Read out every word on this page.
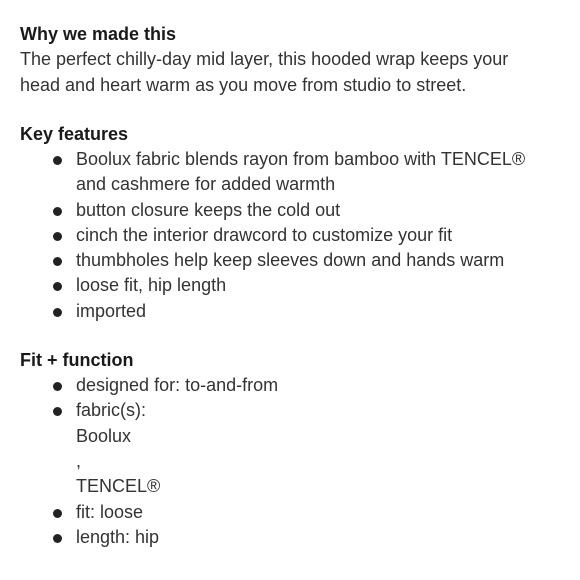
Why we made this

The perfect chilly-day mid layer, this hooded wrap keeps your head and heart warm as you move from studio to street.

Key features
Boolux fabric blends rayon from bamboo with TENCEL®
and cashmere for added warmth
button closure keeps the cold out
cinch the interior drawcord to customize your fit
thumbholes help keep sleeves down and hands warm
loose fit, hip length
imported
Fit + function
designed for: to-and-from
fabric(s):
Boolux
,
TENCEL®
fit: loose
length: hip
